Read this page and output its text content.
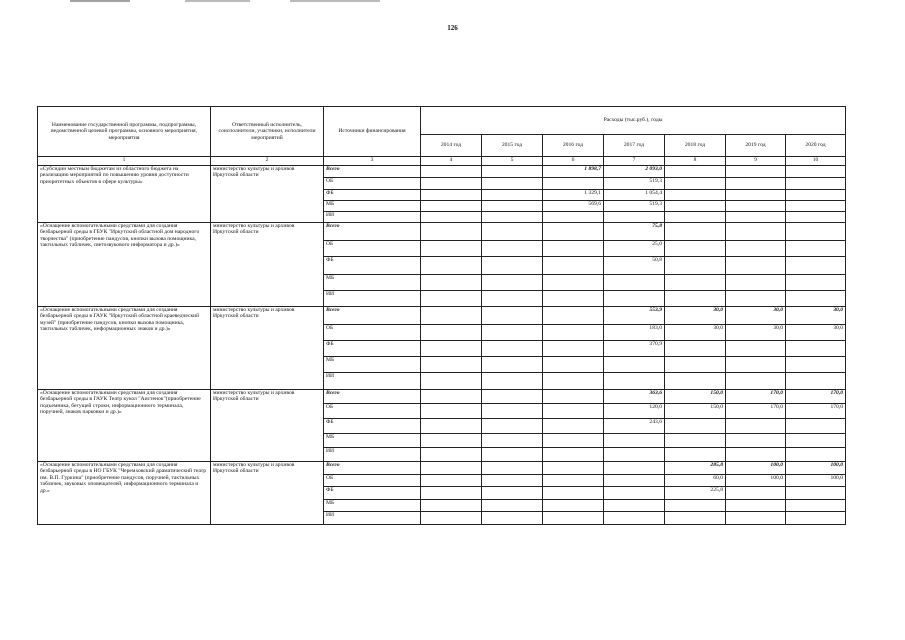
126
Наименование государственной программы, подпрограммы, ведомственной целевой программы, основного мероприятия, мероприятия	Ответственный исполнитель, соисполнители, участники, исполнители мероприятий	Источники финансирования	Расходы (тыс.руб.), годы						
			2014 год	2015 год	2016 год	2017 год	2018 год	2019 год	2020 год
1	2	3	4	5	6	7	8	9	10
«Субсидии местным бюджетам из областного бюджета на реализацию мероприятий по повышению уровня доступности приоритетных объектов в сфере культуры»	министерство культуры и архивов Иркутской области	Всего			1 898,7	2 093,0			
		ОБ				519,3			
		ФБ			1 329,1	1 054,4			
		МБ			569,6	519,3			
		ИИ							
«Оснащение вспомогательными средствами для создания безбарьерной среды в ГБУК "Иркутский областной дом народного творчества" (приобретение пандусов, кнопки вызова помощника, тактильных табличек, светозвукового информатора и др.)»	министерство культуры и архивов Иркутской области	Всего				75,8			
		ОБ				25,0			
		ФБ				50,8			
		МБ							
		ИИ							
«Оснащение вспомогательными средствами для создания безбарьерной среды в ГАУК "Иркутский областной краеведческий музей" (приобретение пандусов, кнопки вызова помощника, тактильных табличек, информационных знаков и др.)»	министерство культуры и архивов Иркутской области	Всего				553,9	30,0	30,0	30,0
		ОБ				183,0	30,0	30,0	30,0
		ФБ				370,9			
		МБ							
		ИИ							
«Оснащение вспомогательными средствами для создания безбарьерной среды в ГАУК Театр кукол "Аистенок"(приобретение подъемника, бегущей строки, информационного терминала, поручней, знаков парковки и др.)»	министерство культуры и архивов Иркутской области	Всего				363,6	150,0	170,0	170,0
		ОБ				120,0	150,0	170,0	170,0
		ФБ				243,6			
		МБ							
		ИИ							
«Оснащение вспомогательными средствами для создания безбарьерной среды в НО ГБУК "Черемховский драматический театр им. В.П. Гуркина" (приобретение пандусов, поручней, тактильных табличек, звуковых оповещателей, информационного терминала и др.»	министерство культуры и архивов Иркутской области	Всего					285,8	100,0	100,0
		ОБ					60,0	100,0	100,0
		ФБ					225,8		
		МБ							
		ИИ							
